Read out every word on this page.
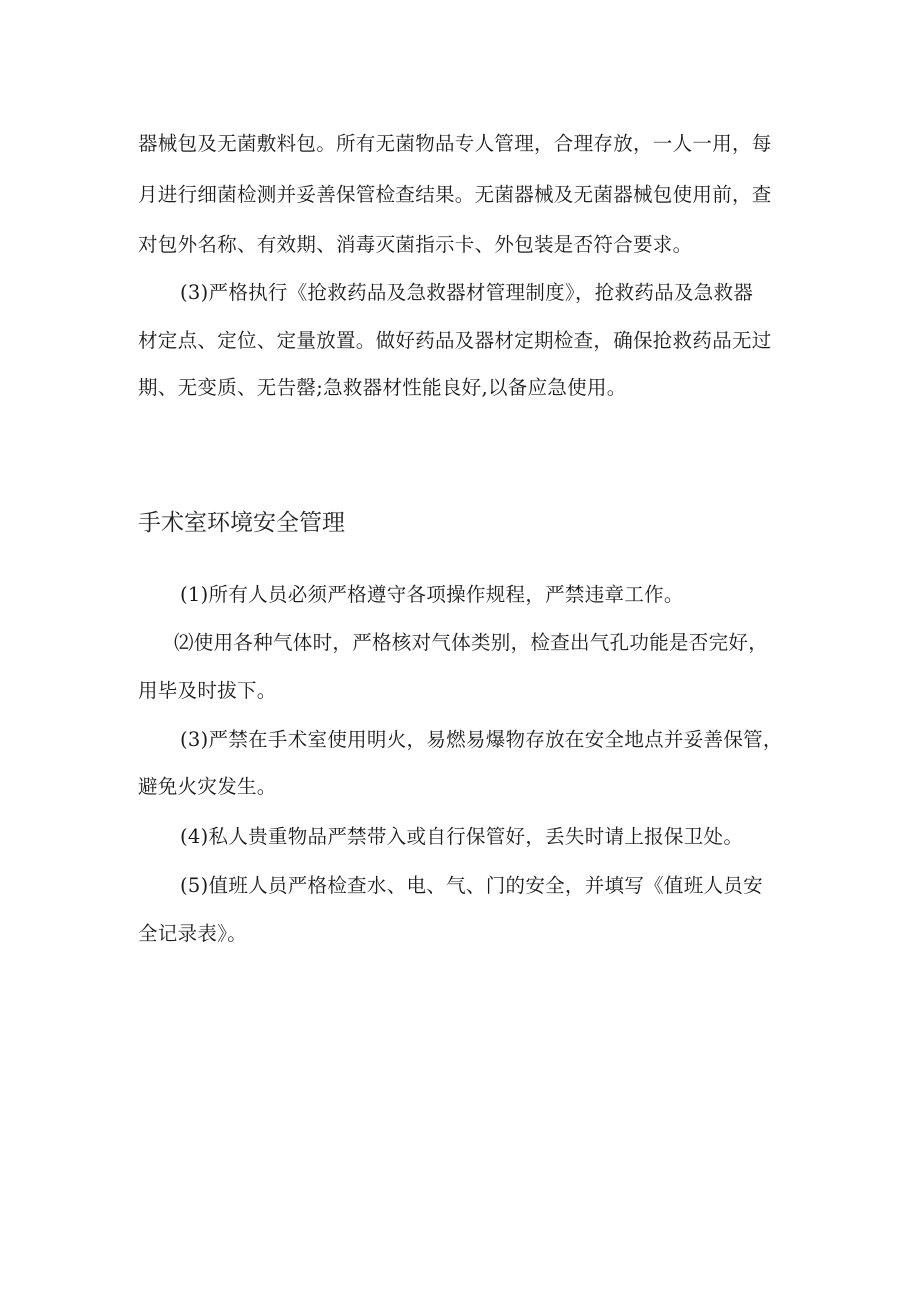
器械包及无菌敷料包。所有无菌物品专人管理，合理存放，一人一用，每
月进行细菌检测并妥善保管检查结果。无菌器械及无菌器械包使用前，查
对包外名称、有效期、消毒灭菌指示卡、外包装是否符合要求。
(3)严格执行《抢救药品及急救器材管理制度》，抢救药品及急救器
材定点、定位、定量放置。做好药品及器材定期检查，确保抢救药品无过
期、无变质、无告罄;急救器材性能良好,以备应急使用。
手术室环境安全管理
(1)所有人员必须严格遵守各项操作规程，严禁违章工作。
⑵使用各种气体时，严格核对气体类别，检查出气孔功能是否完好，
用毕及时拔下。
(3)严禁在手术室使用明火，易燃易爆物存放在安全地点并妥善保管，
避免火灾发生。
(4)私人贵重物品严禁带入或自行保管好，丢失时请上报保卫处。
(5)值班人员严格检查水、电、气、门的安全，并填写《值班人员安
全记录表》。
